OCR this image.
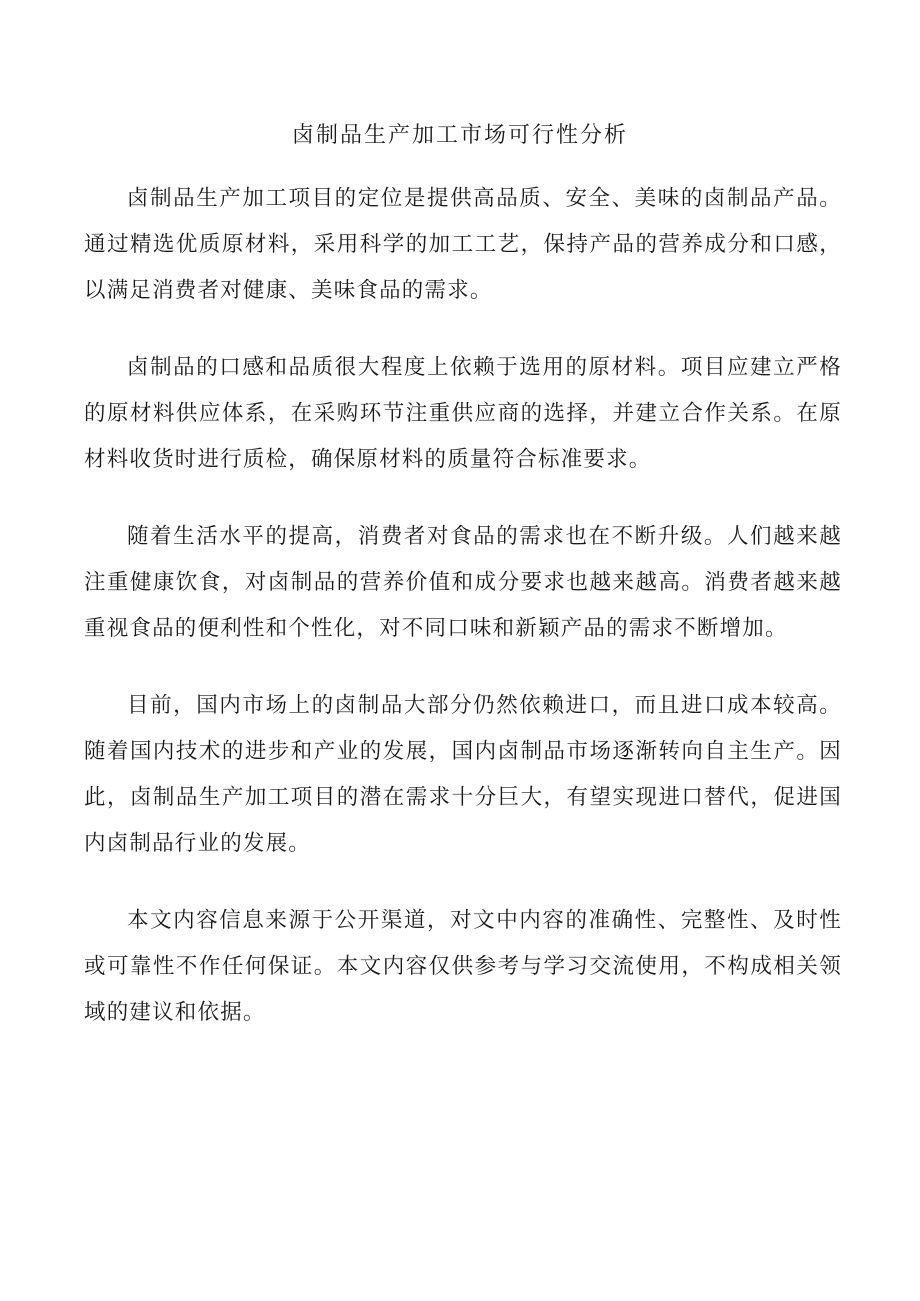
卤制品生产加工市场可行性分析

卤制品生产加工项目的定位是提供高品质、安全、美味的卤制品产品。通过精选优质原材料，采用科学的加工工艺，保持产品的营养成分和口感，以满足消费者对健康、美味食品的需求。

卤制品的口感和品质很大程度上依赖于选用的原材料。项目应建立严格的原材料供应体系，在采购环节注重供应商的选择，并建立合作关系。在原材料收货时进行质检，确保原材料的质量符合标准要求。

随着生活水平的提高，消费者对食品的需求也在不断升级。人们越来越注重健康饮食，对卤制品的营养价值和成分要求也越来越高。消费者越来越重视食品的便利性和个性化，对不同口味和新颖产品的需求不断增加。

目前，国内市场上的卤制品大部分仍然依赖进口，而且进口成本较高。随着国内技术的进步和产业的发展，国内卤制品市场逐渐转向自主生产。因此，卤制品生产加工项目的潜在需求十分巨大，有望实现进口替代，促进国内卤制品行业的发展。

本文内容信息来源于公开渠道，对文中内容的准确性、完整性、及时性或可靠性不作任何保证。本文内容仅供参考与学习交流使用，不构成相关领域的建议和依据。
